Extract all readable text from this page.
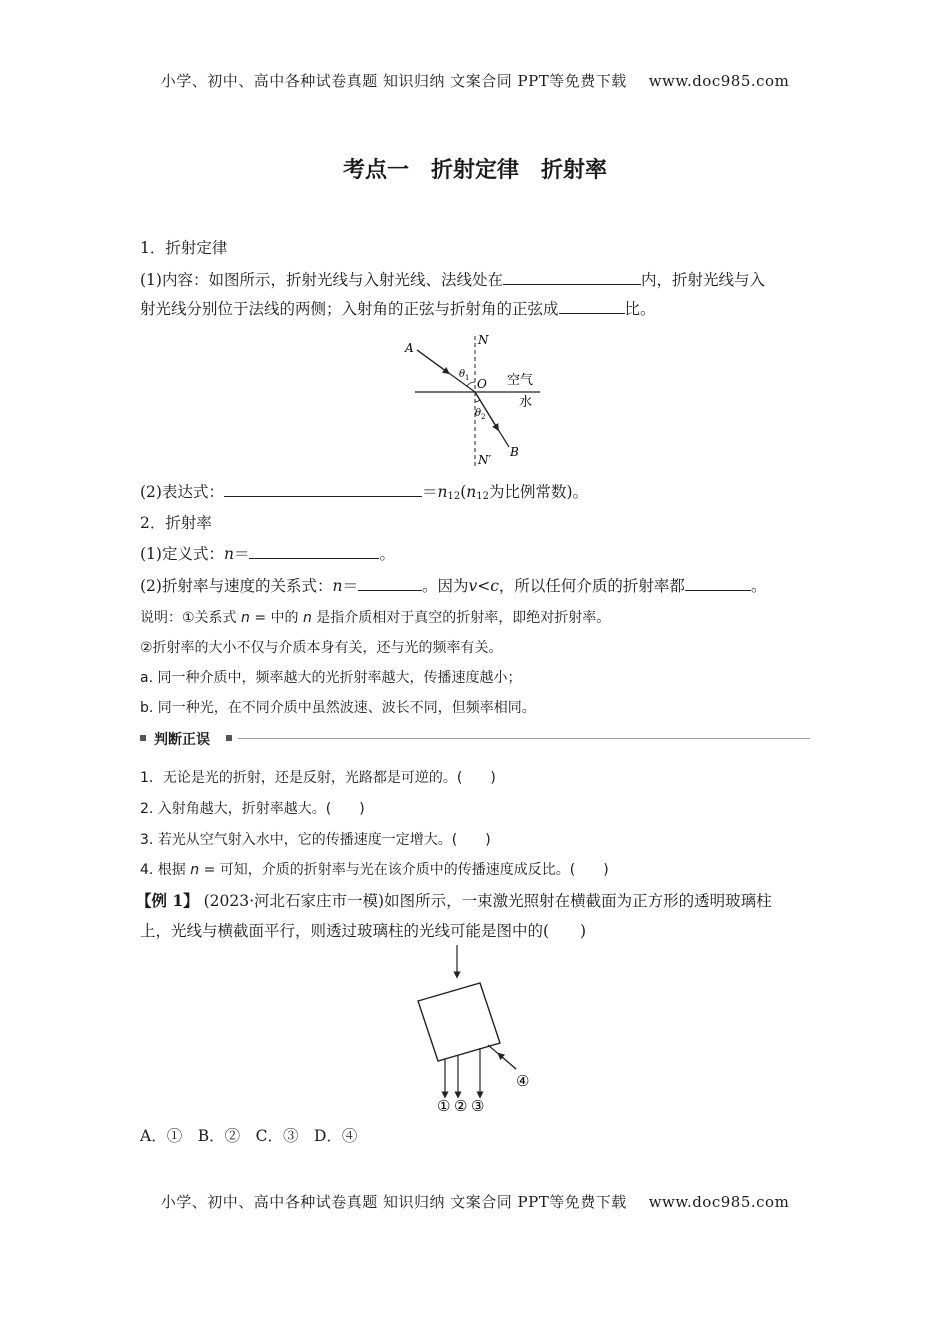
小学、初中、高中各种试卷真题 知识归纳 文案合同 PPT等免费下载 www.doc985.com
考点一　折射定律　折射率
1．折射定律
(1)内容：如图所示，折射光线与入射光线、法线处在	内，折射光线与入
射光线分别位于法线的两侧；入射角的正弦与折射角的正弦成	比。
N
A
O
θ 1
θ 2
B
N′
空气
水
(2)表达式：	$=n_{12}(n_{12}$为比例常数)。
2．折射率
(1)定义式：n＝	。
(2)折射率与速度的关系式：n＝	。因为v<c，所以任何介质的折射率都	。
说明：①关系式 n = 中的 n 是指介质相对于真空的折射率，即绝对折射率。
②折射率的大小不仅与介质本身有关，还与光的频率有关。
a. 同一种介质中，频率越大的光折射率越大，传播速度越小；
b. 同一种光，在不同介质中虽然波速、波长不同，但频率相同。
判断正误
1．无论是光的折射，还是反射，光路都是可逆的。(　　)
2. 入射角越大，折射率越大。(　　)
3. 若光从空气射入水中，它的传播速度一定增大。(　　)
4. 根据 n = 可知，介质的折射率与光在该介质中的传播速度成反比。(　　)
【例 1】 (2023·河北石家庄市一模)如图所示，一束激光照射在横截面为正方形的透明玻璃柱
上，光线与横截面平行，则透过玻璃柱的光线可能是图中的(　　)
① ② ③
④
A．①　B．②　C．③　D．④
小学、初中、高中各种试卷真题 知识归纳 文案合同 PPT等免费下载 www.doc985.com
